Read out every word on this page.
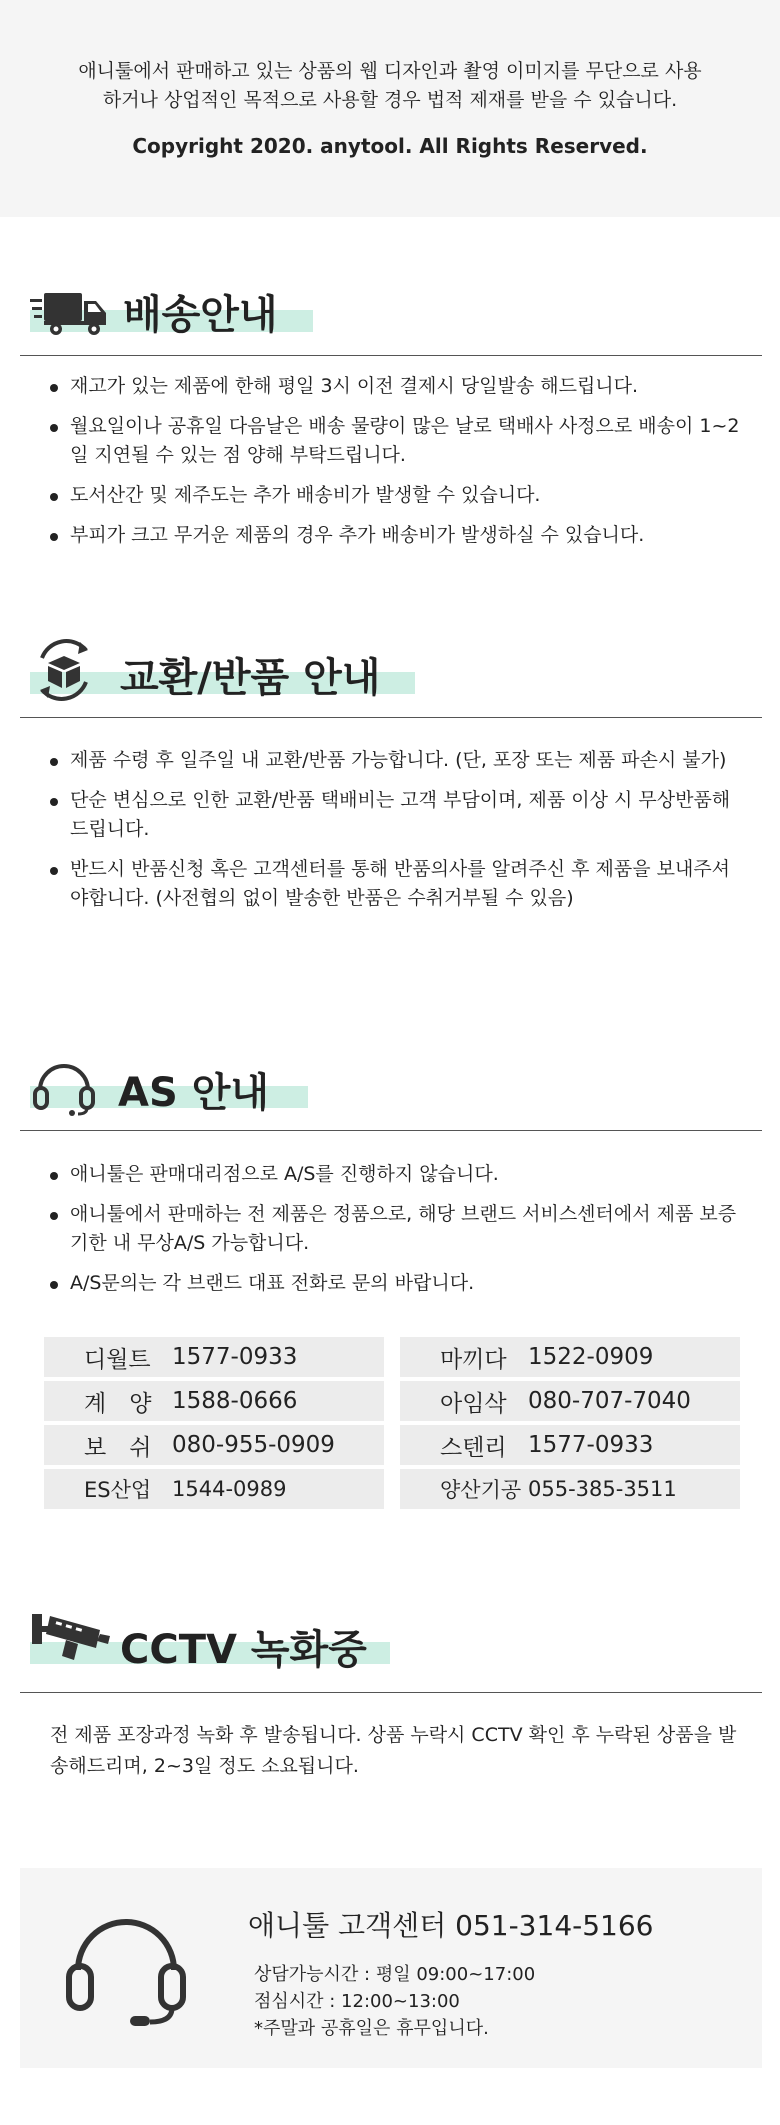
애니툴에서 판매하고 있는 상품의 웹 디자인과 촬영 이미지를 무단으로 사용
하거나 상업적인 목적으로 사용할 경우 법적 제재를 받을 수 있습니다.
Copyright 2020. anytool. All Rights Reserved.
배송안내
재고가 있는 제품에 한해 평일 3시 이전 결제시 당일발송 해드립니다.
월요일이나 공휴일 다음날은 배송 물량이 많은 날로 택배사 사정으로 배송이 1~2일 지연될 수 있는 점 양해 부탁드립니다.
도서산간 및 제주도는 추가 배송비가 발생할 수 있습니다.
부피가 크고 무거운 제품의 경우 추가 배송비가 발생하실 수 있습니다.
교환/반품 안내
제품 수령 후 일주일 내 교환/반품 가능합니다. (단, 포장 또는 제품 파손시 불가)
단순 변심으로 인한 교환/반품 택배비는 고객 부담이며, 제품 이상 시 무상반품해드립니다.
반드시 반품신청 혹은 고객센터를 통해 반품의사를 알려주신 후 제품을 보내주셔야합니다. (사전협의 없이 발송한 반품은 수취거부될 수 있음)
AS 안내
애니툴은 판매대리점으로 A/S를 진행하지 않습니다.
애니툴에서 판매하는 전 제품은 정품으로, 해당 브랜드 서비스센터에서 제품 보증기한 내 무상A/S 가능합니다.
A/S문의는 각 브랜드 대표 전화로 문의 바랍니다.
디월트 1577-0933	마끼다 1522-0909
계　양 1588-0666	아임삭 080-707-7040
보　쉬 080-955-0909	스텐리 1577-0933
ES산업 1544-0989	양산기공 055-385-3511
CCTV 녹화중
전 제품 포장과정 녹화 후 발송됩니다. 상품 누락시 CCTV 확인 후 누락된 상품을 발송해드리며, 2~3일 정도 소요됩니다.
애니툴 고객센터 051-314-5166
상담가능시간 : 평일 09:00~17:00
점심시간 : 12:00~13:00
*주말과 공휴일은 휴무입니다.
